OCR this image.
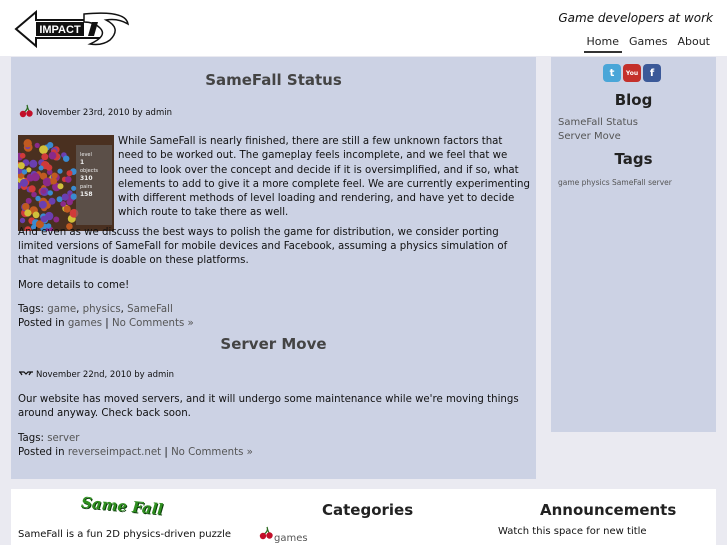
IMPACT
Game developers at work
Home Games About
SameFall Status
November 23rd, 2010 by admin
level
1
objects
310
pairs
158

While SameFall is nearly finished, there are still a few unknown factors that need to be worked out. The gameplay feels incomplete, and we feel that we need to look over the concept and decide if it is oversimplified, and if so, what elements to add to give it a more complete feel. We are currently experimenting with different methods of level loading and rendering, and have yet to decide which route to take there as well.

And even as we discuss the best ways to polish the game for distribution, we consider porting limited versions of SameFall for mobile devices and Facebook, assuming a physics simulation of that magnitude is doable on these platforms.

More details to come!

Tags: game, physics, SameFall

Posted in games | No Comments »

Server Move
November 22nd, 2010 by admin

Our website has moved servers, and it will undergo some maintenance while we're moving things around anyway. Check back soon.

Tags: server

Posted in reverseimpact.net | No Comments »

t	You	f
Blog
SameFall Status
Server Move
Tags
game physics SameFall server
Same Fall
SameFall is a fun 2D physics-driven puzzle
Categories
games
Announcements
Watch this space for new title
